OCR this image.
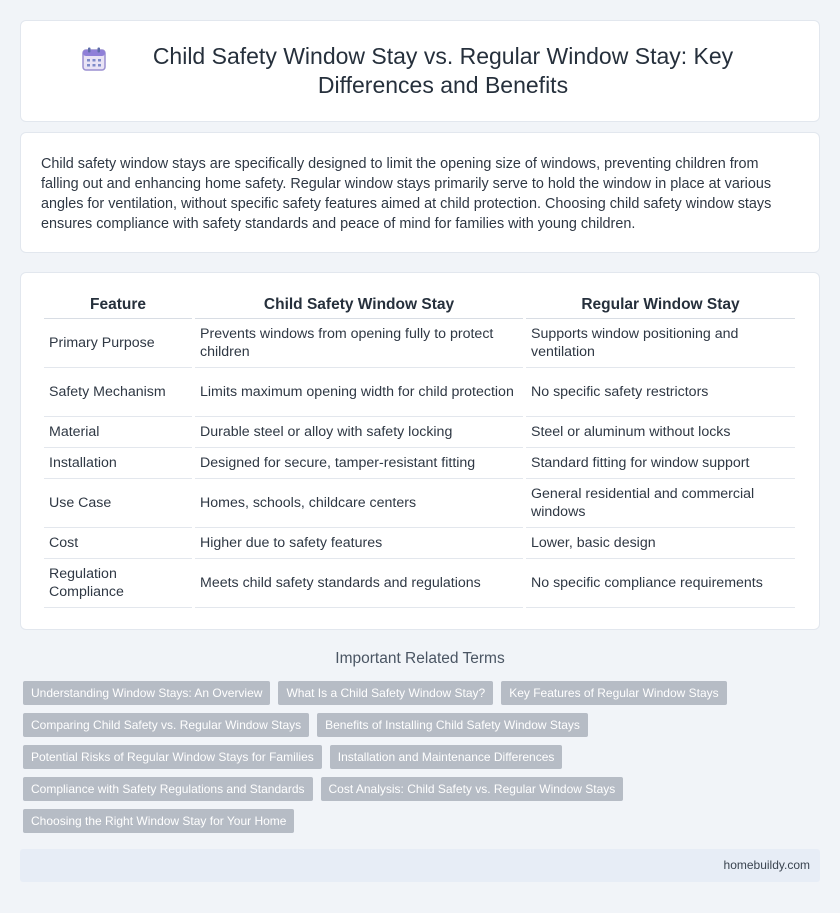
Child Safety Window Stay vs. Regular Window Stay: Key Differences and Benefits

Child safety window stays are specifically designed to limit the opening size of windows, preventing children from falling out and enhancing home safety. Regular window stays primarily serve to hold the window in place at various angles for ventilation, without specific safety features aimed at child protection. Choosing child safety window stays ensures compliance with safety standards and peace of mind for families with young children.

Feature	Child Safety Window Stay	Regular Window Stay
Primary Purpose	Prevents windows from opening fully to protect children	Supports window positioning and ventilation
Safety Mechanism	Limits maximum opening width for child protection	No specific safety restrictors
Material	Durable steel or alloy with safety locking	Steel or aluminum without locks
Installation	Designed for secure, tamper-resistant fitting	Standard fitting for window support
Use Case	Homes, schools, childcare centers	General residential and commercial windows
Cost	Higher due to safety features	Lower, basic design
Regulation Compliance	Meets child safety standards and regulations	No specific compliance requirements
Important Related Terms
Understanding Window Stays: An Overview	What Is a Child Safety Window Stay?	Key Features of Regular Window Stays
Comparing Child Safety vs. Regular Window Stays	Benefits of Installing Child Safety Window Stays
Potential Risks of Regular Window Stays for Families	Installation and Maintenance Differences
Compliance with Safety Regulations and Standards	Cost Analysis: Child Safety vs. Regular Window Stays
Choosing the Right Window Stay for Your Home
homebuildy.com
